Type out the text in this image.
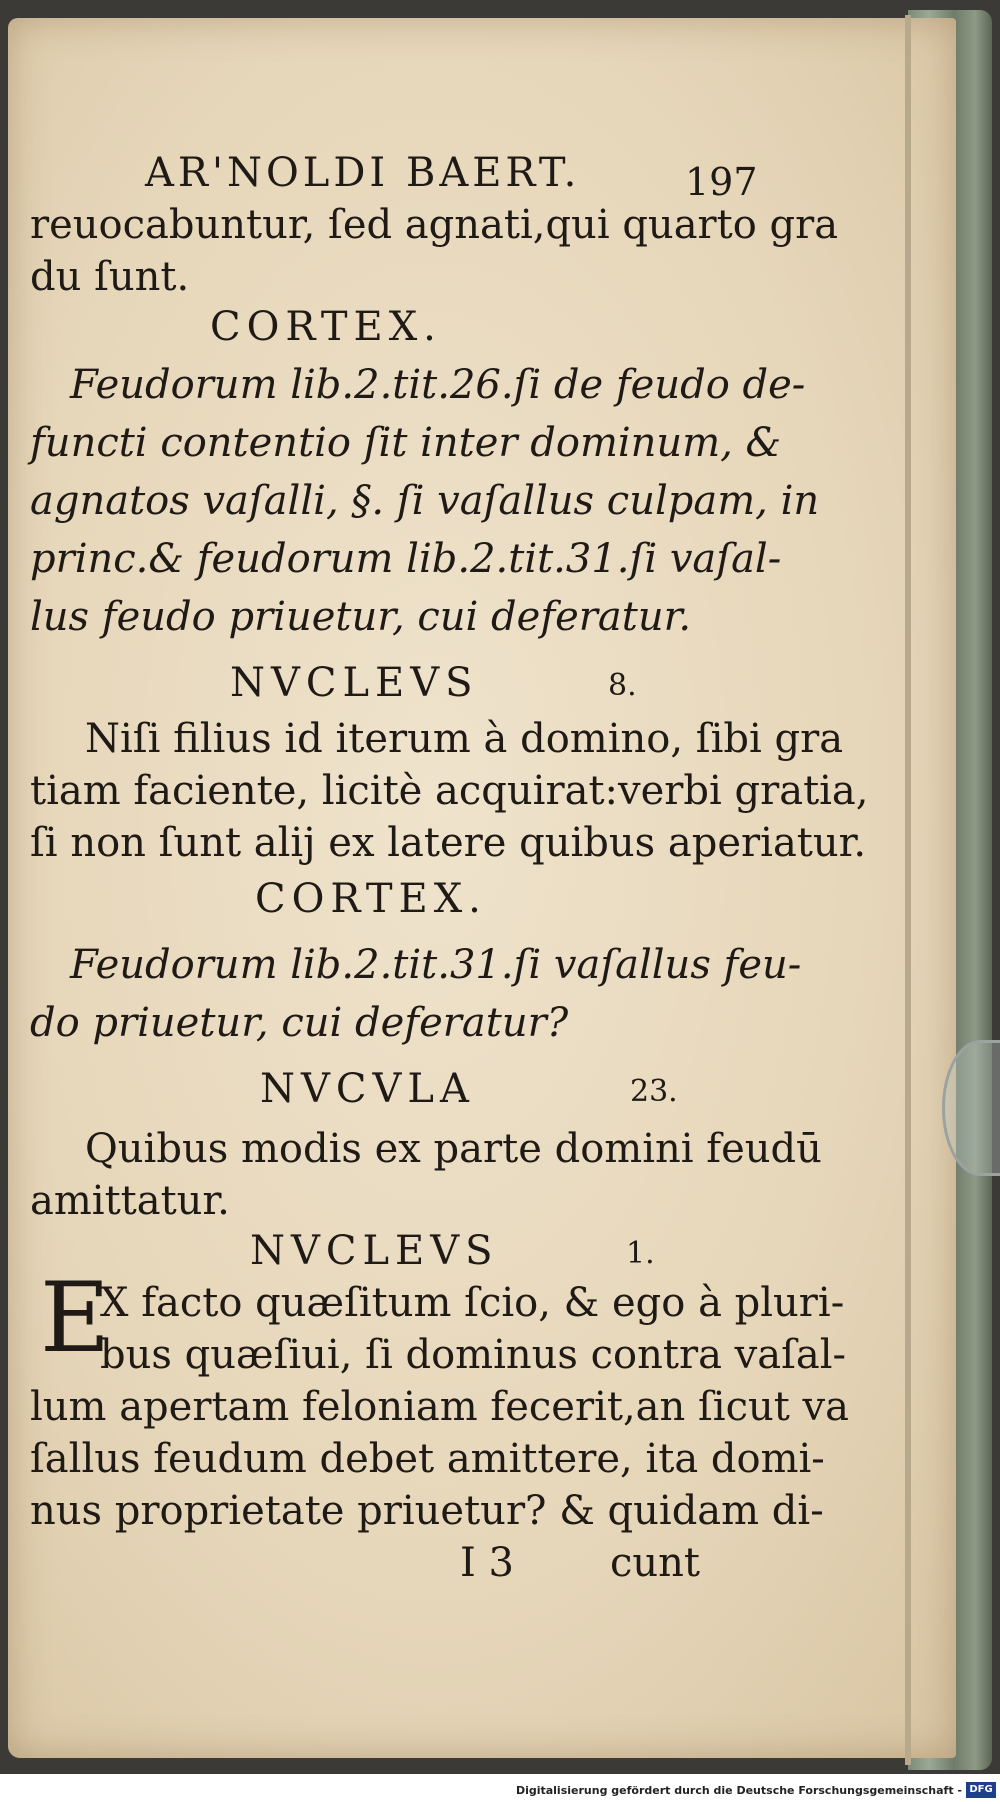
AR'NOLDI BAERT.	197
reuocabuntur, ſed agnati,qui quarto gra
du ſunt.
CORTEX.
Feudorum lib.2.tit.26.ſi de feudo de-
functi contentio ſit inter dominum, &
agnatos vaſalli, §. ſi vaſallus culpam, in
princ.& feudorum lib.2.tit.31.ſi vaſal-
lus feudo priuetur, cui deferatur.
NVCLEVS	8.
Niſi filius id iterum à domino, ſibi gra
tiam faciente, licitè acquirat:verbi gratia,
ſi non ſunt alij ex latere quibus aperiatur.
CORTEX.
Feudorum lib.2.tit.31.ſi vaſallus feu-
do priuetur, cui deferatur?
NVCVLA	23.
Quibus modis ex parte domini feudū
amittatur.
NVCLEVS	1.
E
X facto quæſitum ſcio, & ego à pluri-
bus quæſiui, ſi dominus contra vaſal-
lum apertam feloniam fecerit,an ſicut va
ſallus feudum debet amittere, ita domi-
nus proprietate priuetur? & quidam di-
I 3 cunt
Digitalisierung gefördert durch die Deutsche Forschungsgemeinschaft - DFG
